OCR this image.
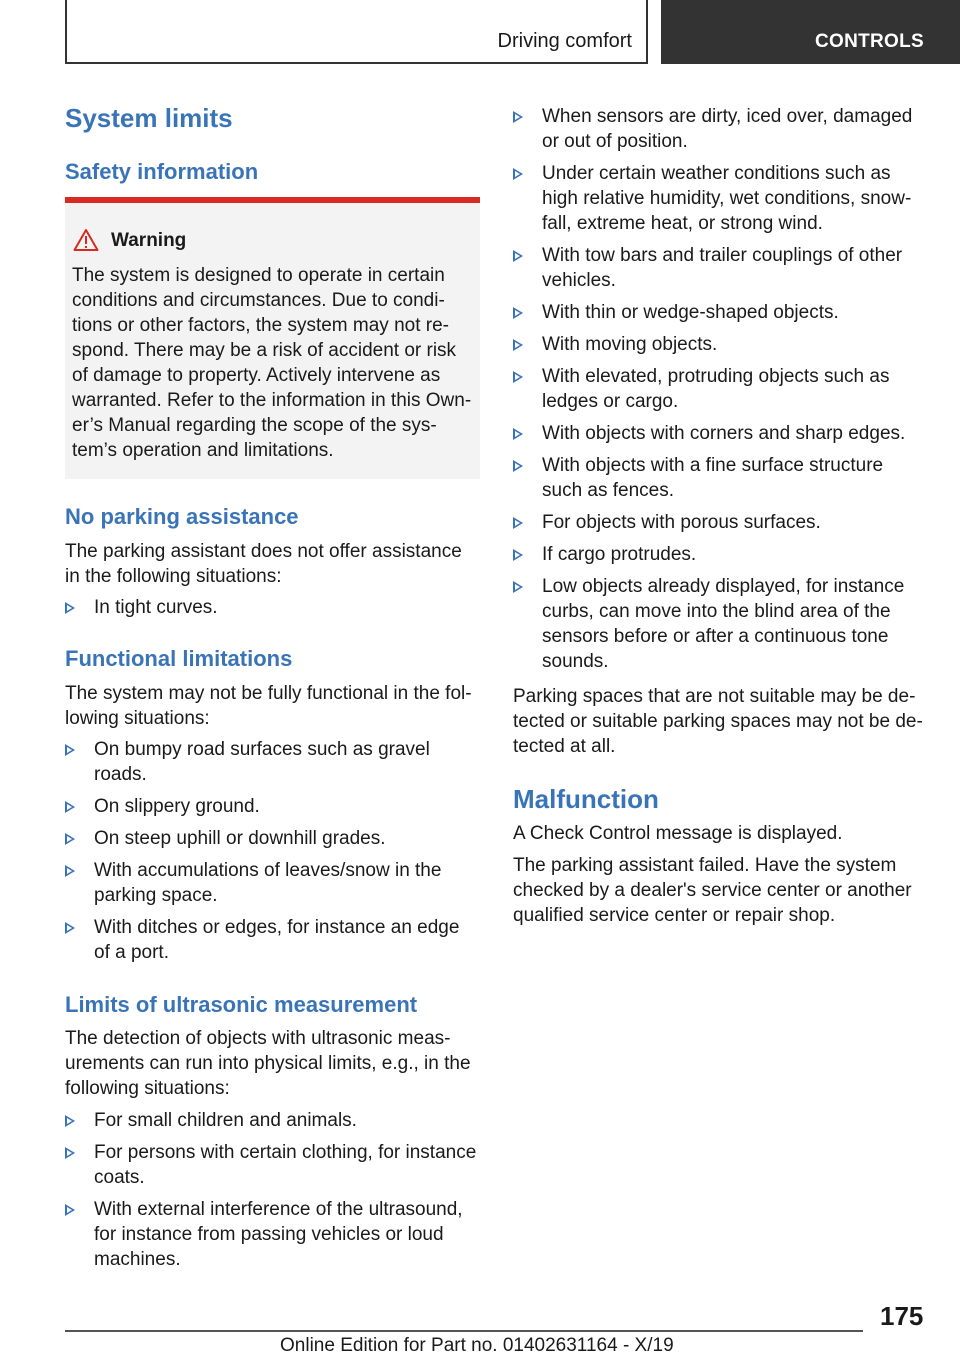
Driving comfort	CONTROLS
System limits
Safety information
Warning
The system is designed to operate in certain
conditions and circumstances. Due to condi‐
tions or other factors, the system may not re‐
spond. There may be a risk of accident or risk
of damage to property. Actively intervene as
warranted. Refer to the information in this Own‐
er’s Manual regarding the scope of the sys‐
tem’s operation and limitations.
No parking assistance
The parking assistant does not offer assistance
in the following situations:
In tight curves.
Functional limitations
The system may not be fully functional in the fol‐
lowing situations:
On bumpy road surfaces such as gravel
roads.
On slippery ground.
On steep uphill or downhill grades.
With accumulations of leaves/snow in the
parking space.
With ditches or edges, for instance an edge
of a port.
Limits of ultrasonic measurement
The detection of objects with ultrasonic meas‐
urements can run into physical limits, e.g., in the
following situations:
For small children and animals.
For persons with certain clothing, for instance
coats.
With external interference of the ultrasound,
for instance from passing vehicles or loud
machines.
When sensors are dirty, iced over, damaged
or out of position.
Under certain weather conditions such as
high relative humidity, wet conditions, snow‐
fall, extreme heat, or strong wind.
With tow bars and trailer couplings of other
vehicles.
With thin or wedge-shaped objects.
With moving objects.
With elevated, protruding objects such as
ledges or cargo.
With objects with corners and sharp edges.
With objects with a fine surface structure
such as fences.
For objects with porous surfaces.
If cargo protrudes.
Low objects already displayed, for instance
curbs, can move into the blind area of the
sensors before or after a continuous tone
sounds.
Parking spaces that are not suitable may be de‐
tected or suitable parking spaces may not be de‐
tected at all.
Malfunction
A Check Control message is displayed.
The parking assistant failed. Have the system
checked by a dealer's service center or another
qualified service center or repair shop.
175
Online Edition for Part no. 01402631164 - X/19
